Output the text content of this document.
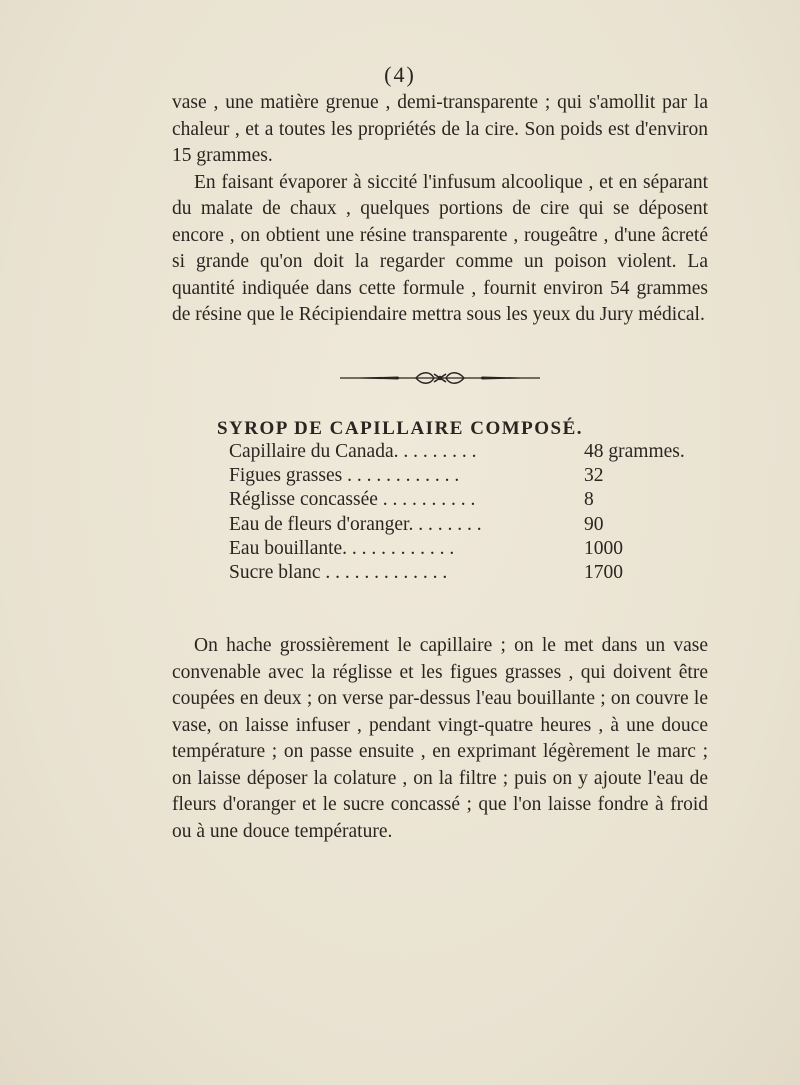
(4)

vase , une matière grenue , demi-transparente ; qui s'amollit par la chaleur , et a toutes les propriétés de la cire. Son poids est d'environ 15 grammes.

En faisant évaporer à siccité l'infusum alcoolique , et en séparant du malate de chaux , quelques portions de cire qui se déposent encore , on obtient une résine transparente , rougeâtre , d'une âcreté si grande qu'on doit la regarder comme un poison violent. La quantité indiquée dans cette formule , fournit environ 54 grammes de résine que le Récipiendaire mettra sous les yeux du Jury médical.

SYROP DE CAPILLAIRE COMPOSÉ.
Capillaire du Canada. . . . . . . . .	48 grammes.
Figues grasses . . . . . . . . . . . .	32
Réglisse concassée . . . . . . . . . .	8
Eau de fleurs d'oranger. . . . . . . .	90
Eau bouillante. . . . . . . . . . . .	1000
Sucre blanc . . . . . . . . . . . . .	1700

On hache grossièrement le capillaire ; on le met dans un vase convenable avec la réglisse et les figues grasses , qui doivent être coupées en deux ; on verse par-dessus l'eau bouillante ; on couvre le vase, on laisse infuser , pendant vingt-quatre heures , à une douce température ; on passe ensuite , en exprimant légèrement le marc ; on laisse déposer la colature , on la filtre ; puis on y ajoute l'eau de fleurs d'oranger et le sucre concassé ; que l'on laisse fondre à froid ou à une douce température.
